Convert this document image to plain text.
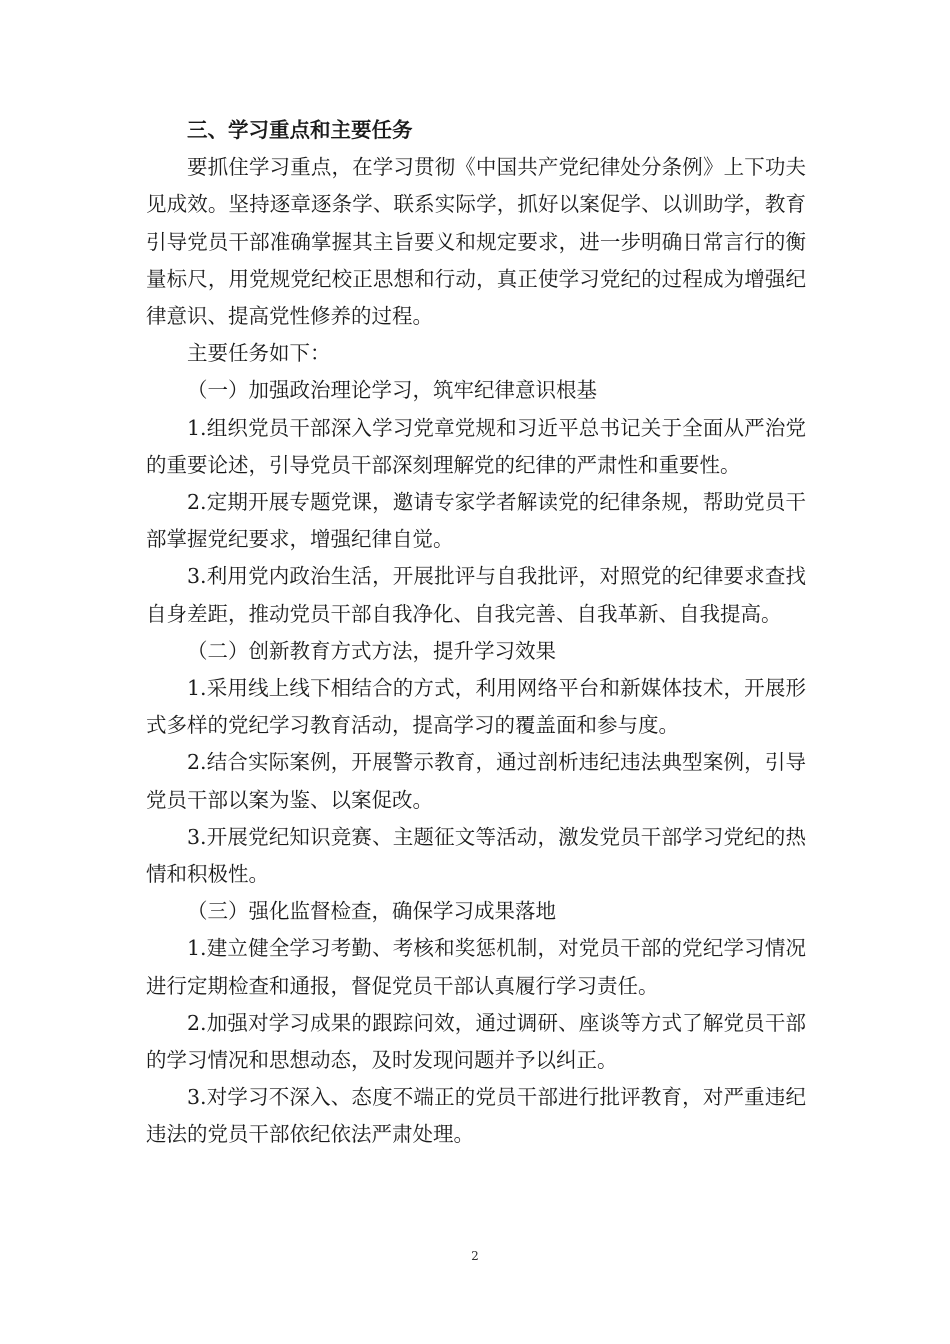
三、学习重点和主要任务

要抓住学习重点，在学习贯彻《中国共产党纪律处分条例》上下功夫见成效。坚持逐章逐条学、联系实际学，抓好以案促学、以训助学，教育引导党员干部准确掌握其主旨要义和规定要求，进一步明确日常言行的衡量标尺，用党规党纪校正思想和行动，真正使学习党纪的过程成为增强纪律意识、提高党性修养的过程。

主要任务如下：

（一）加强政治理论学习，筑牢纪律意识根基

1.组织党员干部深入学习党章党规和习近平总书记关于全面从严治党的重要论述，引导党员干部深刻理解党的纪律的严肃性和重要性。

2.定期开展专题党课，邀请专家学者解读党的纪律条规，帮助党员干部掌握党纪要求，增强纪律自觉。

3.利用党内政治生活，开展批评与自我批评，对照党的纪律要求查找自身差距，推动党员干部自我净化、自我完善、自我革新、自我提高。

（二）创新教育方式方法，提升学习效果

1.采用线上线下相结合的方式，利用网络平台和新媒体技术，开展形式多样的党纪学习教育活动，提高学习的覆盖面和参与度。

2.结合实际案例，开展警示教育，通过剖析违纪违法典型案例，引导党员干部以案为鉴、以案促改。

3.开展党纪知识竞赛、主题征文等活动，激发党员干部学习党纪的热情和积极性。

（三）强化监督检查，确保学习成果落地

1.建立健全学习考勤、考核和奖惩机制，对党员干部的党纪学习情况进行定期检查和通报，督促党员干部认真履行学习责任。

2.加强对学习成果的跟踪问效，通过调研、座谈等方式了解党员干部的学习情况和思想动态，及时发现问题并予以纠正。

3.对学习不深入、态度不端正的党员干部进行批评教育，对严重违纪违法的党员干部依纪依法严肃处理。

2
